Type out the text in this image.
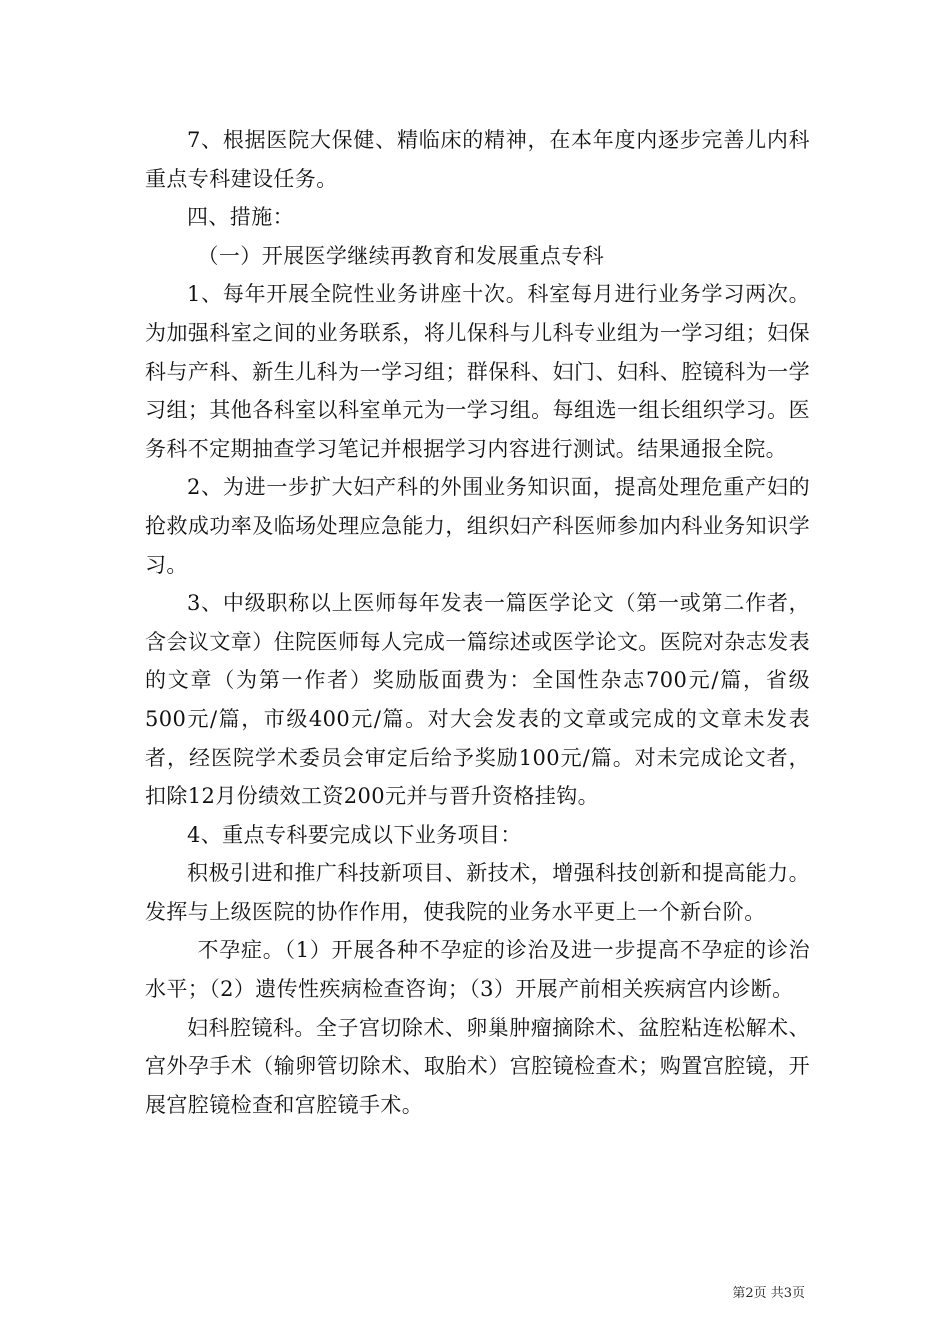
7、根据医院大保健、精临床的精神，在本年度内逐步完善儿内科重点专科建设任务。

四、措施：

（一）开展医学继续再教育和发展重点专科

1、每年开展全院性业务讲座十次。科室每月进行业务学习两次。为加强科室之间的业务联系，将儿保科与儿科专业组为一学习组；妇保科与产科、新生儿科为一学习组；群保科、妇门、妇科、腔镜科为一学习组；其他各科室以科室单元为一学习组。每组选一组长组织学习。医务科不定期抽查学习笔记并根据学习内容进行测试。结果通报全院。

2、为进一步扩大妇产科的外围业务知识面，提高处理危重产妇的抢救成功率及临场处理应急能力，组织妇产科医师参加内科业务知识学习。

3、中级职称以上医师每年发表一篇医学论文（第一或第二作者，含会议文章）住院医师每人完成一篇综述或医学论文。医院对杂志发表的文章（为第一作者）奖励版面费为：全国性杂志700元/篇，省级500元/篇，市级400元/篇。对大会发表的文章或完成的文章未发表者，经医院学术委员会审定后给予奖励100元/篇。对未完成论文者，扣除12月份绩效工资200元并与晋升资格挂钩。

4、重点专科要完成以下业务项目：

积极引进和推广科技新项目、新技术，增强科技创新和提高能力。发挥与上级医院的协作作用，使我院的业务水平更上一个新台阶。

不孕症。（1）开展各种不孕症的诊治及进一步提高不孕症的诊治水平；（2）遗传性疾病检查咨询；（3）开展产前相关疾病宫内诊断。

妇科腔镜科。全子宫切除术、卵巢肿瘤摘除术、盆腔粘连松解术、宫外孕手术（输卵管切除术、取胎术）宫腔镜检查术；购置宫腔镜，开展宫腔镜检查和宫腔镜手术。

第2页 共3页
